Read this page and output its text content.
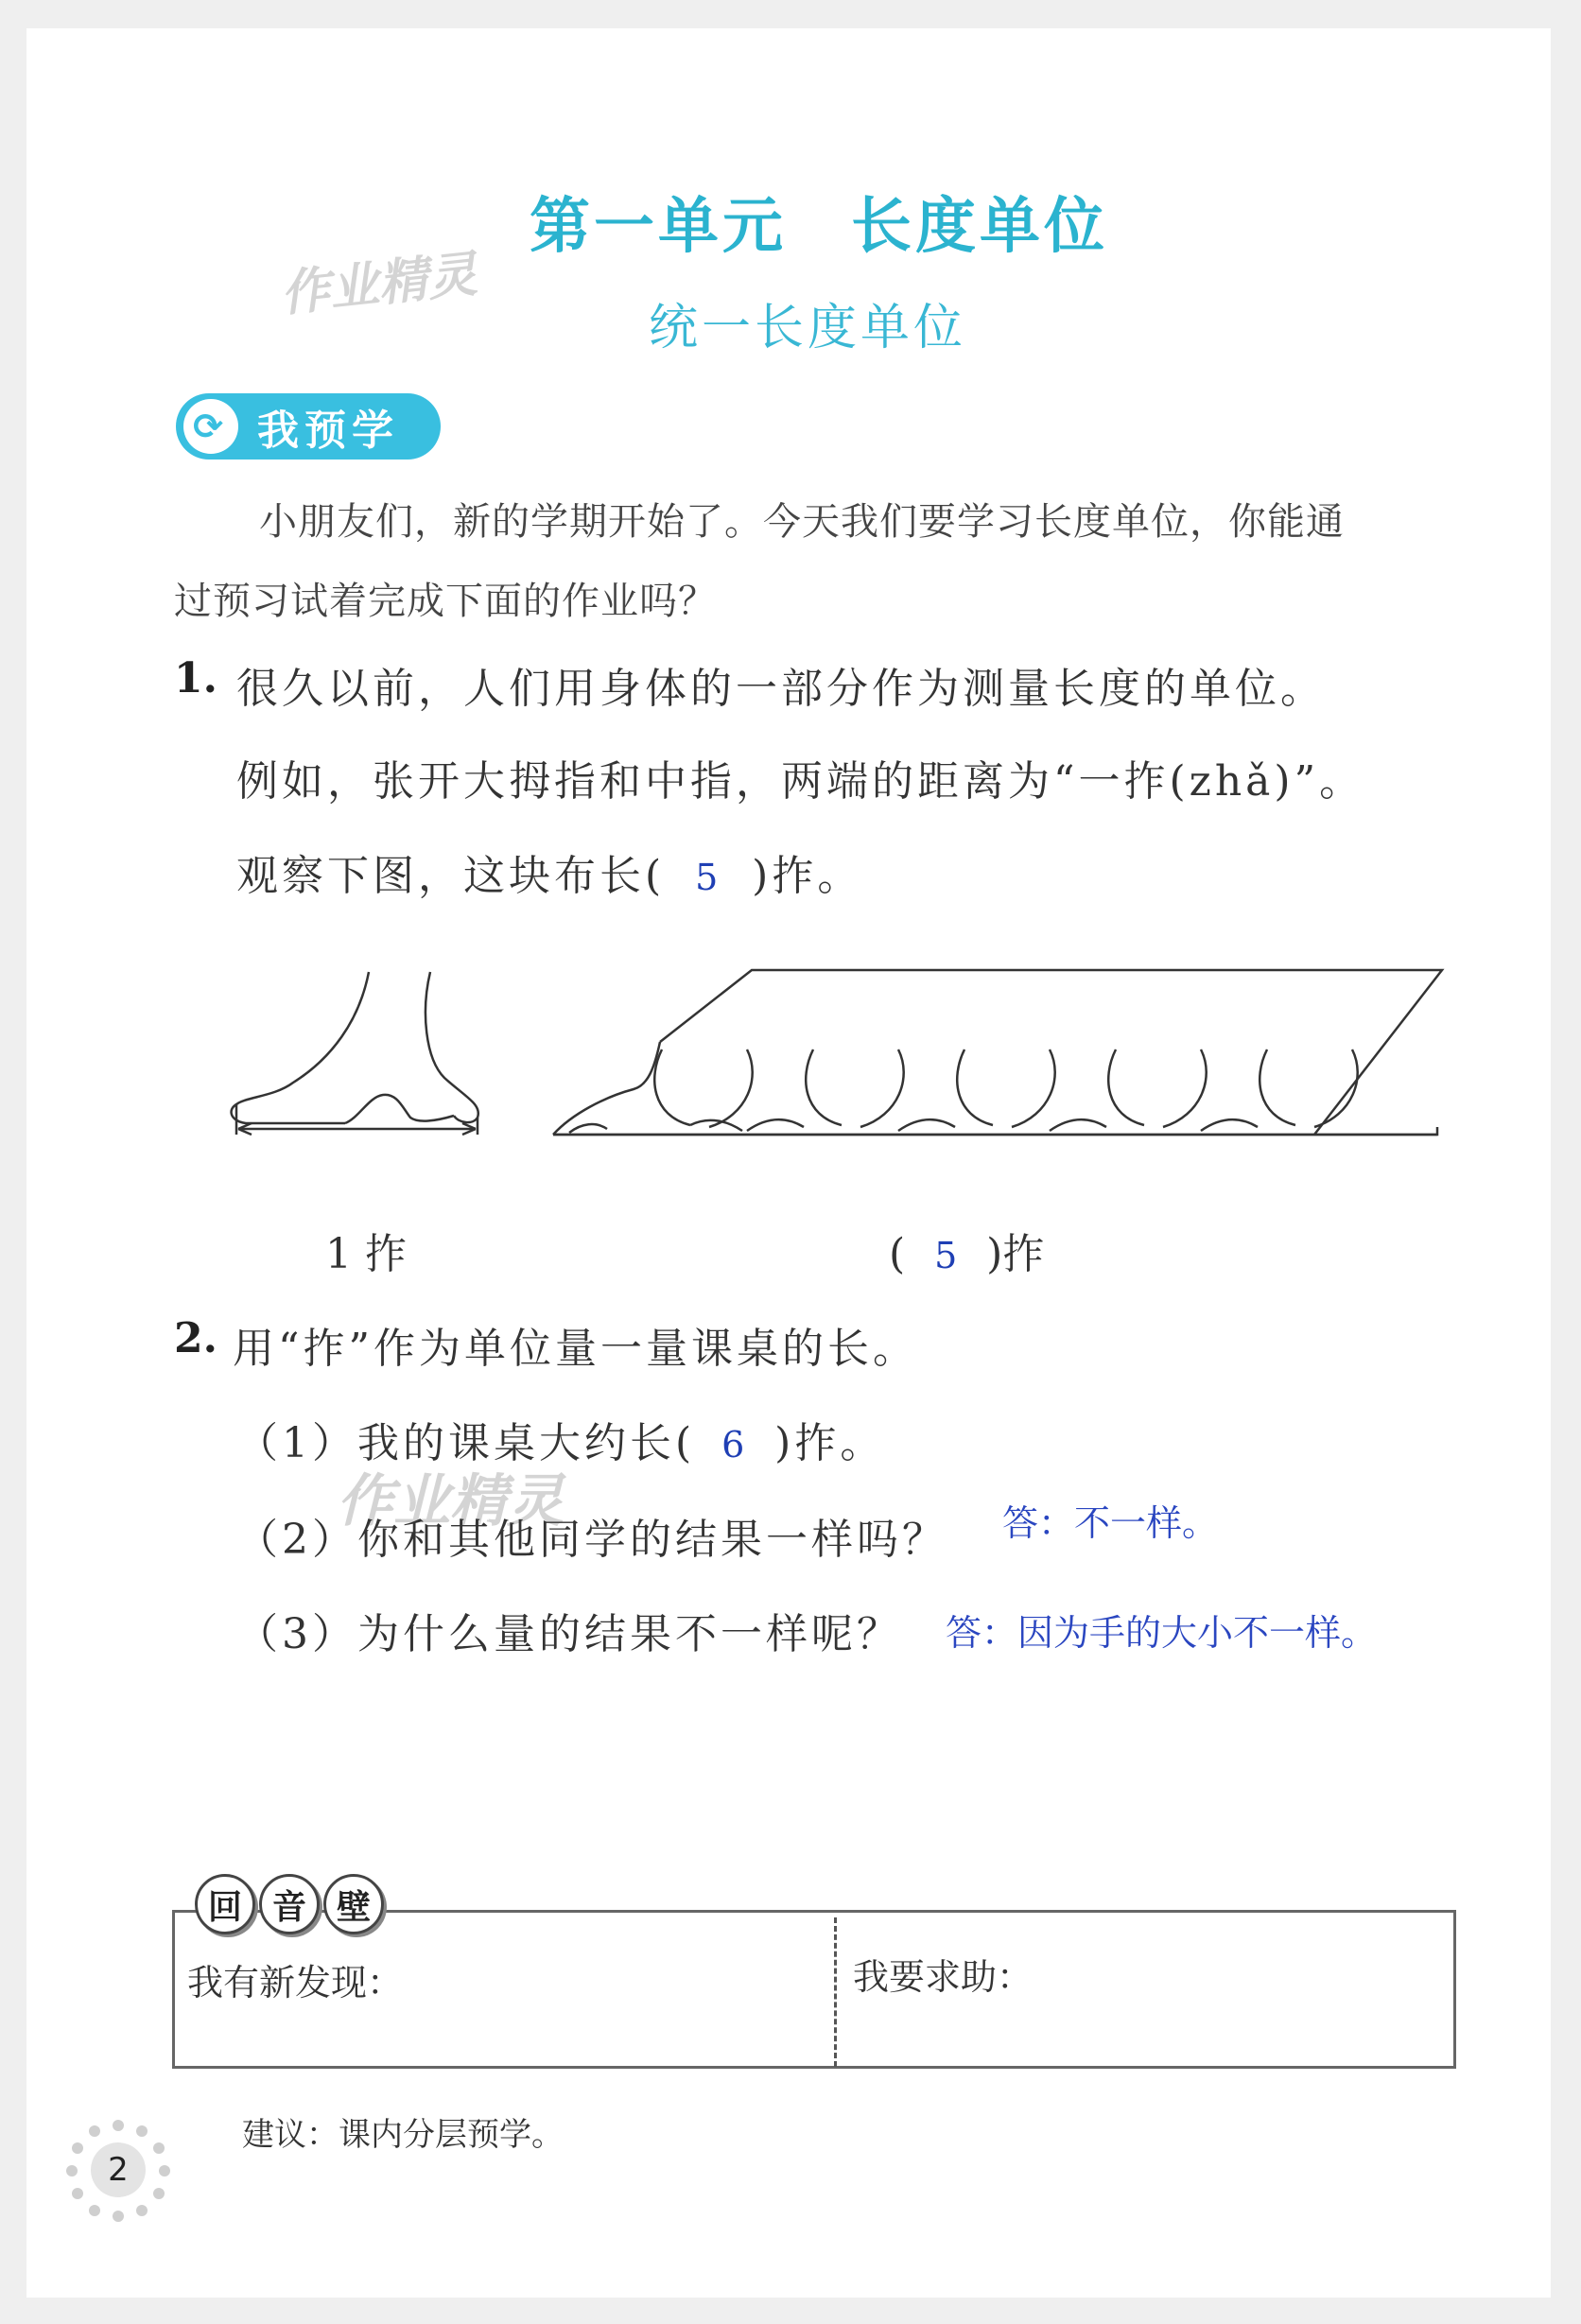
作业精灵
作业精灵
第一单元　长度单位
统一长度单位
⟳ 我预学
小朋友们，新的学期开始了。今天我们要学习长度单位，你能通
过预习试着完成下面的作业吗？
1. 很久以前，人们用身体的一部分作为测量长度的单位。
例如，张开大拇指和中指，两端的距离为“一拃(zhǎ)”。
观察下图，这块布长( 5 )拃。
1 拃	( 5 )拃
2. 用“拃”作为单位量一量课桌的长。
（1）我的课桌大约长( 6 )拃。
（2）你和其他同学的结果一样吗？ 答：不一样。
（3）为什么量的结果不一样呢？ 答：因为手的大小不一样。
回 音 壁
我有新发现：	我要求助：
建议：课内分层预学。
2
